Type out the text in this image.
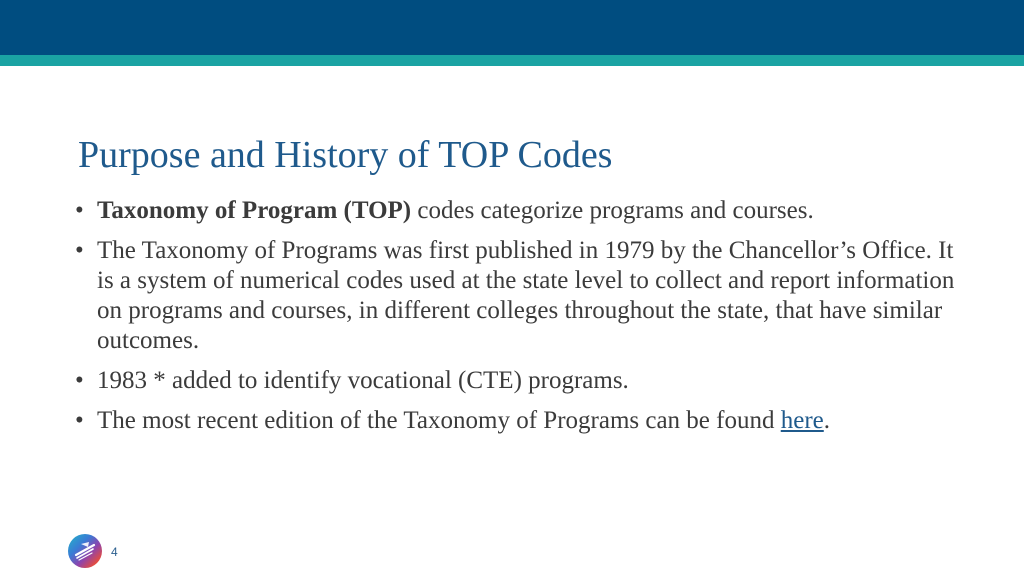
Purpose and History of TOP Codes
• Taxonomy of Program (TOP) codes categorize programs and courses.
• The Taxonomy of Programs was first published in 1979 by the Chancellor’s Office. It is a system of numerical codes used at the state level to collect and report information on programs and courses, in different colleges throughout the state, that have similar outcomes.
• 1983 * added to identify vocational (CTE) programs.
• The most recent edition of the Taxonomy of Programs can be found here.
4
